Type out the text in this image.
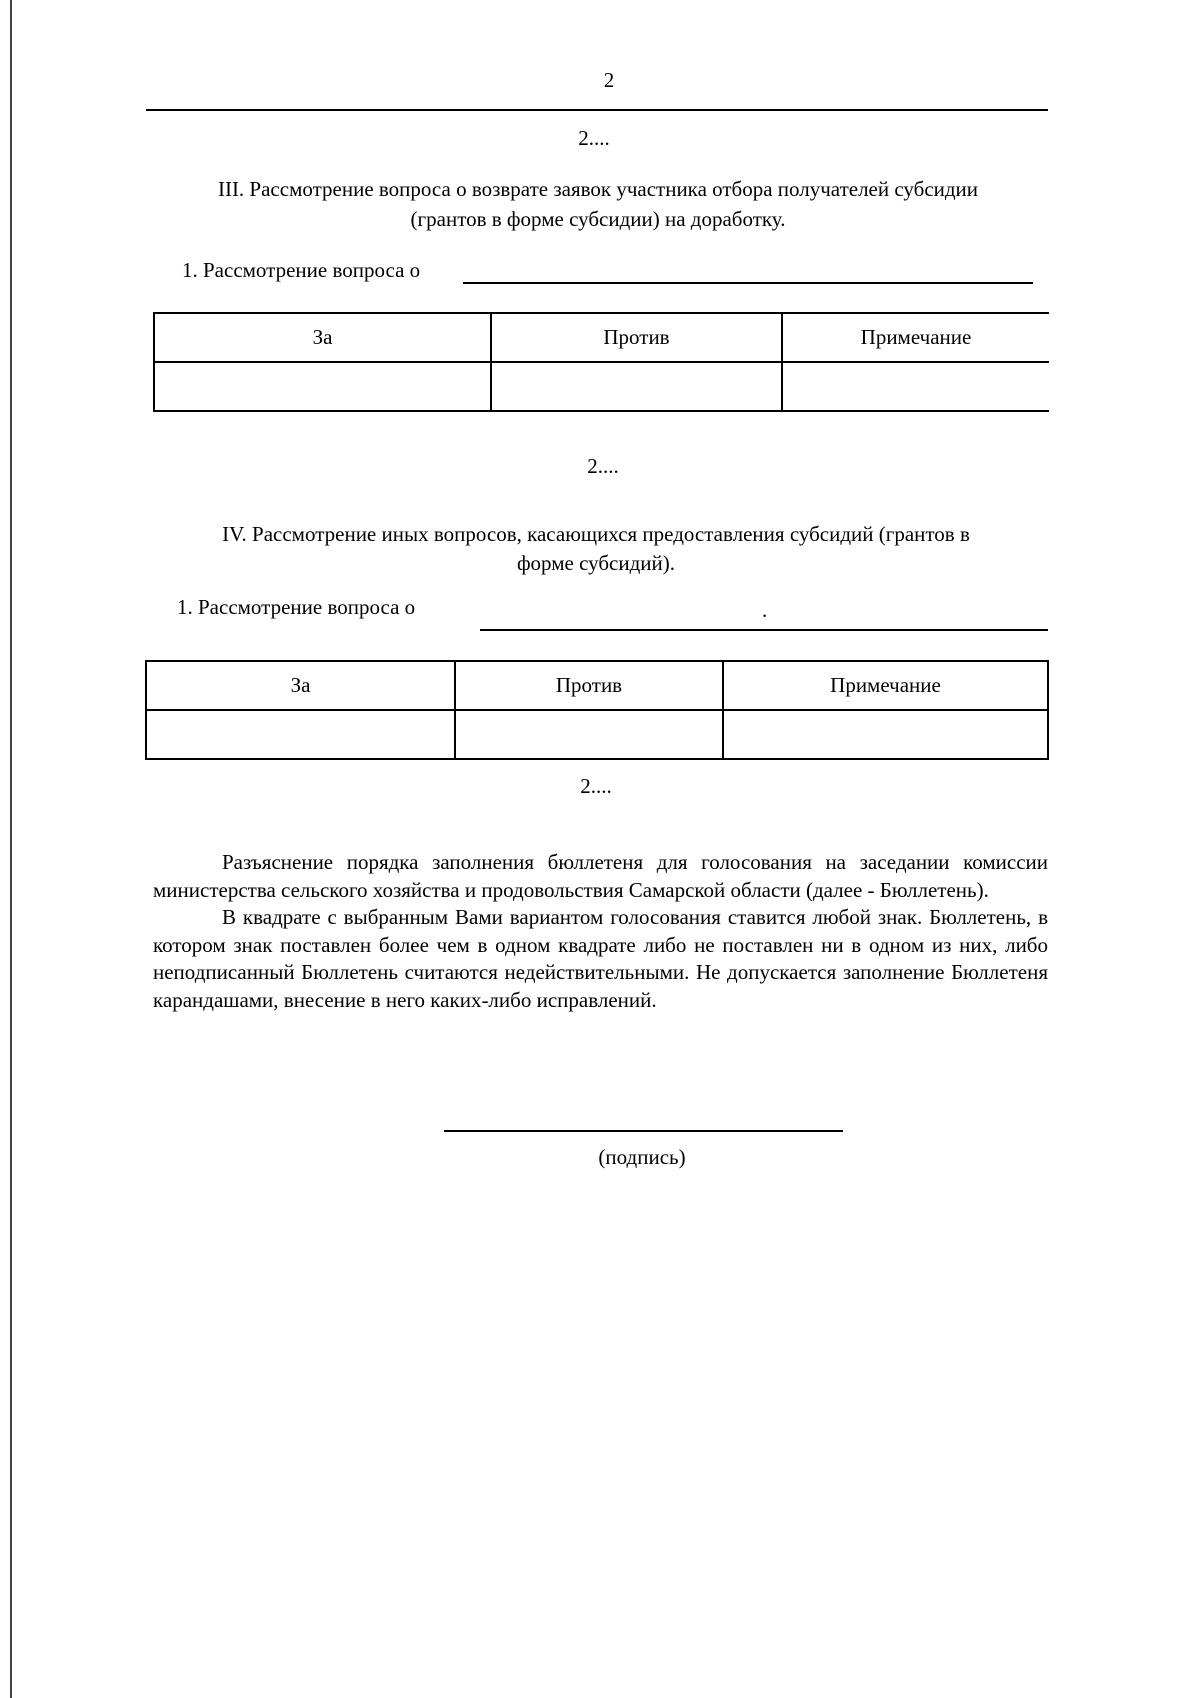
2
2....
III. Рассмотрение вопроса о возврате заявок участника отбора получателей субсидии
(грантов в форме субсидии) на доработку.
1. Рассмотрение вопроса о
За	Против	Примечание

2....
IV. Рассмотрение иных вопросов, касающихся предоставления субсидий (грантов в
форме субсидий).
1. Рассмотрение вопроса о	.
За	Против	Примечание

2....

Разъяснение порядка заполнения бюллетеня для голосования на заседании комиссии министерства сельского хозяйства и продовольствия Самарской области (далее - Бюллетень).

В квадрате с выбранным Вами вариантом голосования ставится любой знак. Бюллетень, в котором знак поставлен более чем в одном квадрате либо не поставлен ни в одном из них, либо неподписанный Бюллетень считаются недействительными. Не допускается заполнение Бюллетеня карандашами, внесение в него каких-либо исправлений.

(подпись)
